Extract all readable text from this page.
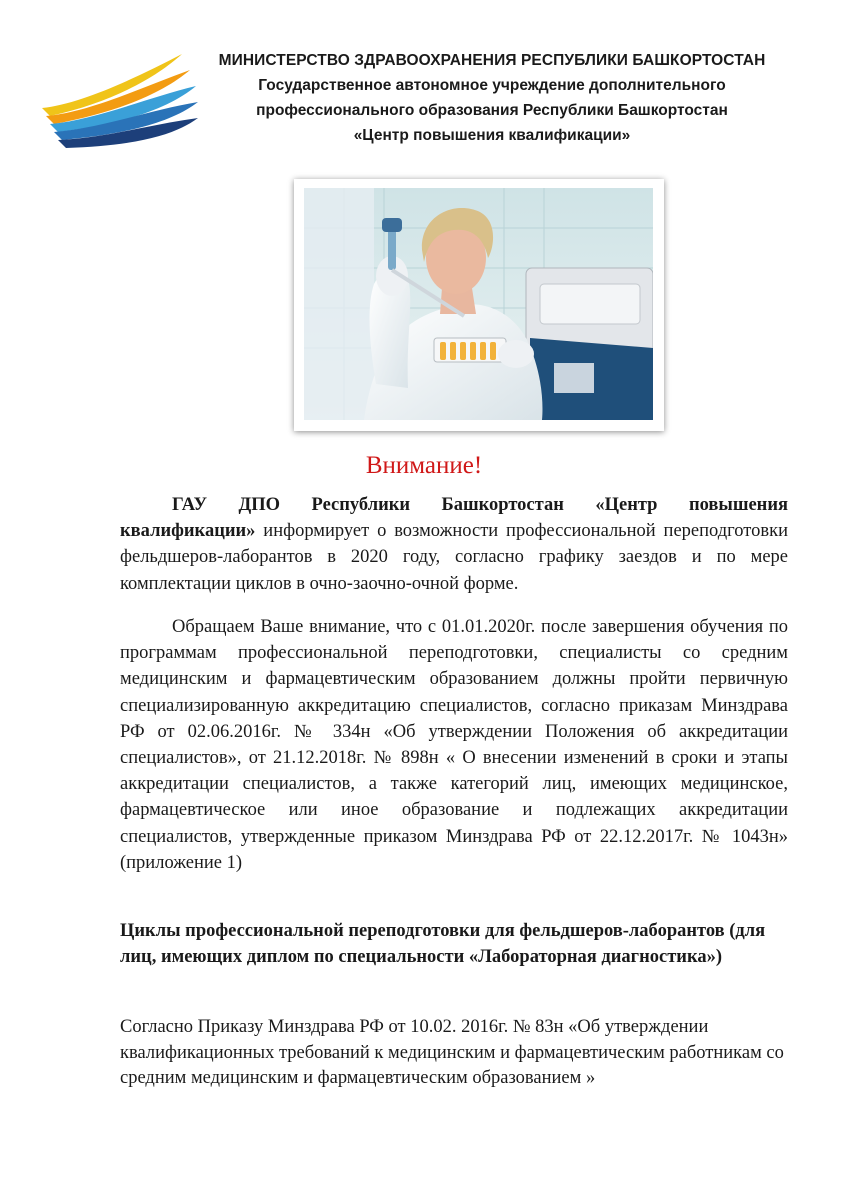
МИНИСТЕРСТВО ЗДРАВООХРАНЕНИЯ РЕСПУБЛИКИ БАШКОРТОСТАН
Государственное автономное учреждение дополнительного
профессионального образования Республики Башкортостан
«Центр повышения квалификации»
Внимание!

ГАУ ДПО Республики Башкортостан «Центр повышения квалификации» информирует о возможности профессиональной переподготовки фельдшеров-лаборантов в 2020 году, согласно графику заездов и по мере комплектации циклов в очно-заочно-очной форме.

Обращаем Ваше внимание, что с 01.01.2020г. после завершения обучения по программам профессиональной переподготовки, специалисты со средним медицинским и фармацевтическим образованием должны пройти первичную специализированную аккредитацию специалистов, согласно приказам Минздрава РФ от 02.06.2016г. № 334н «Об утверждении Положения об аккредитации специалистов», от 21.12.2018г. № 898н « О внесении изменений в сроки и этапы аккредитации специалистов, а также категорий лиц, имеющих медицинское, фармацевтическое или иное образование и подлежащих аккредитации специалистов, утвержденные приказом Минздрава РФ от 22.12.2017г. № 1043н» (приложение 1)

Циклы профессиональной переподготовки для фельдшеров-лаборантов (для лиц, имеющих диплом по специальности «Лабораторная диагностика»)

Согласно Приказу Минздрава РФ от 10.02. 2016г. № 83н «Об утверждении квалификационных требований к медицинским и фармацевтическим работникам со средним медицинским и фармацевтическим образованием »
